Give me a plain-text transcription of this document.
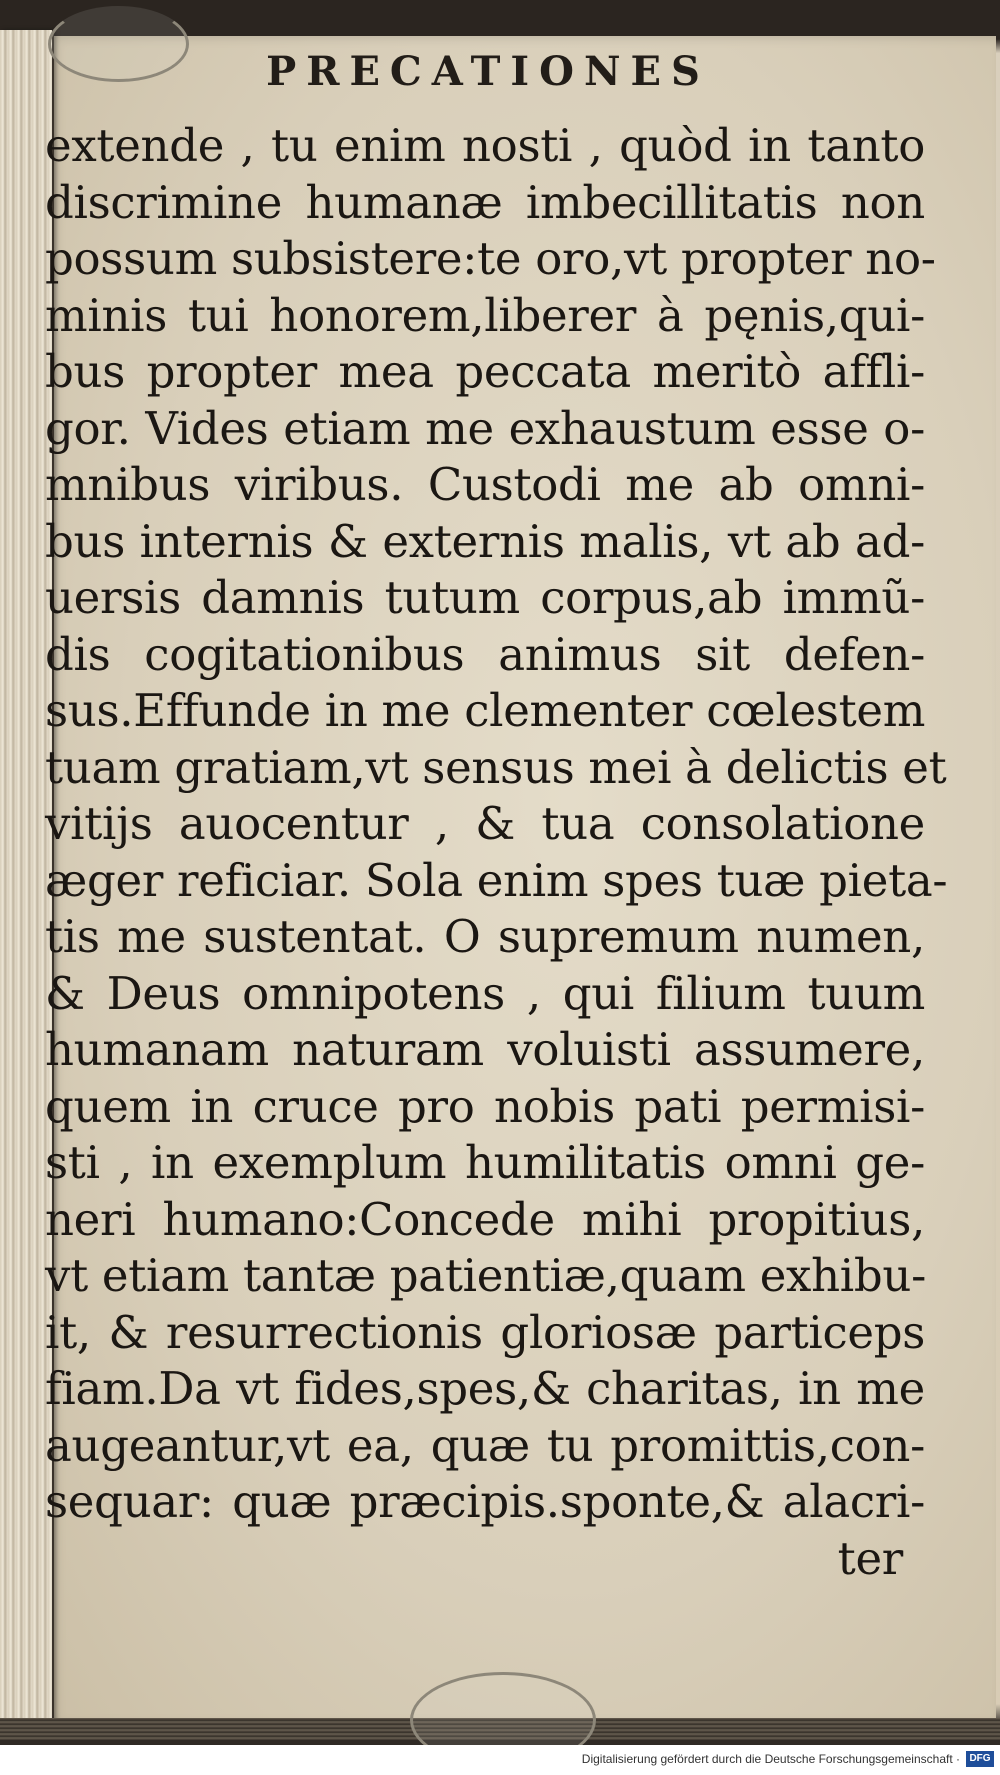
PRECATIONES
extende , tu enim nosti , quòd in tanto
discrimine humanæ imbecillitatis non
possum subsistere:te oro,vt propter no-
minis tui honorem,liberer à pęnis,qui-
bus propter mea peccata meritò affli-
gor. Vides etiam me exhaustum esse o-
mnibus viribus. Custodi me ab omni-
bus internis & externis malis, vt ab ad-
uersis damnis tutum corpus,ab immũ-
dis cogitationibus animus sit defen-
sus.Effunde in me clementer cœlestem
tuam gratiam,vt sensus mei à delictis et
vitijs auocentur , & tua consolatione
æger reficiar. Sola enim spes tuæ pieta-
tis me sustentat. O supremum numen,
& Deus omnipotens , qui filium tuum
humanam naturam voluisti assumere,
quem in cruce pro nobis pati permisi-
sti , in exemplum humilitatis omni ge-
neri humano:Concede mihi propitius,
vt etiam tantæ patientiæ,quam exhibu-
it, & resurrectionis gloriosæ particeps
fiam.Da vt fides,spes,& charitas, in me
augeantur,vt ea, quæ tu promittis,con-
sequar: quæ præcipis.sponte,& alacri-
ter
Digitalisierung gefördert durch die Deutsche Forschungsgemeinschaft · DFG
